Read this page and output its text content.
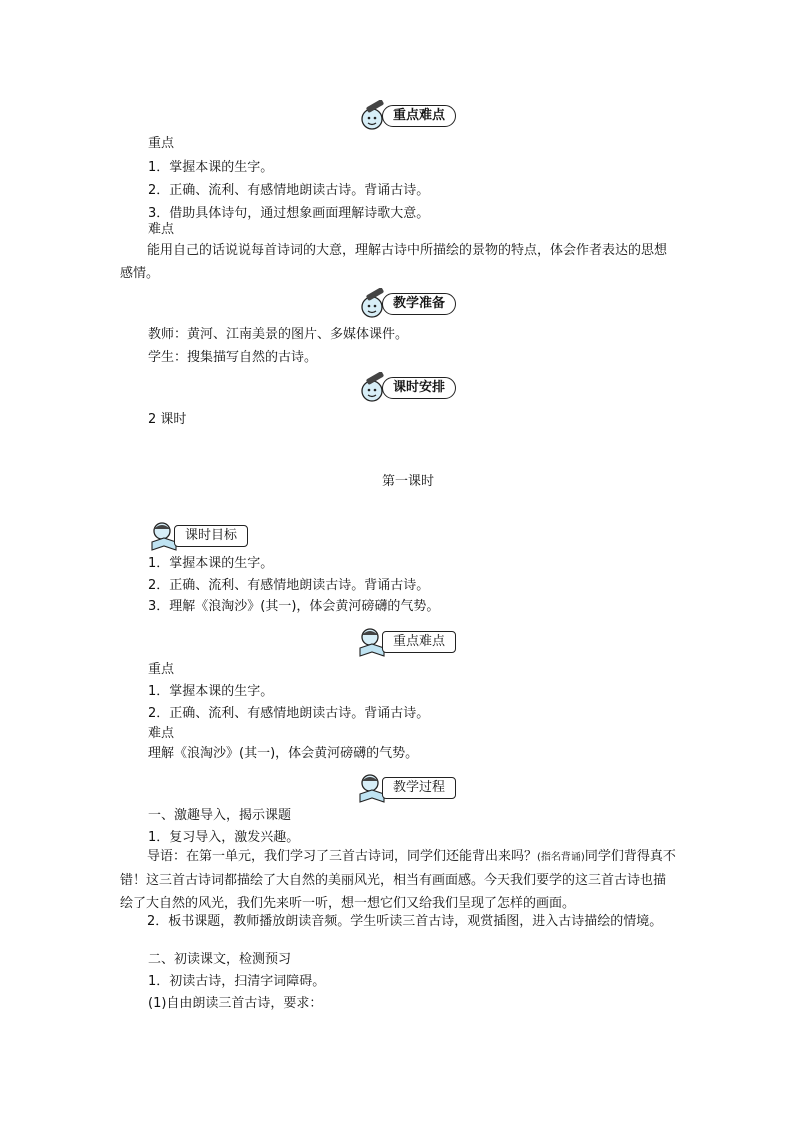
重点难点
重点
1．掌握本课的生字。
2．正确、流利、有感情地朗读古诗。背诵古诗。
3．借助具体诗句，通过想象画面理解诗歌大意。
难点
能用自己的话说说每首诗词的大意，理解古诗中所描绘的景物的特点，体会作者表达的思想感情。
教学准备
教师：黄河、江南美景的图片、多媒体课件。
学生：搜集描写自然的古诗。
课时安排
2 课时
第一课时
课时目标
1．掌握本课的生字。
2．正确、流利、有感情地朗读古诗。背诵古诗。
3．理解《浪淘沙》(其一)，体会黄河磅礴的气势。
重点难点
重点
1．掌握本课的生字。
2．正确、流利、有感情地朗读古诗。背诵古诗。
难点
理解《浪淘沙》(其一)，体会黄河磅礴的气势。
教学过程
一、激趣导入，揭示课题
1．复习导入，激发兴趣。
导语：在第一单元，我们学习了三首古诗词，同学们还能背出来吗？(指名背诵)同学们背得真不错！这三首古诗词都描绘了大自然的美丽风光，相当有画面感。今天我们要学的这三首古诗也描绘了大自然的风光，我们先来听一听，想一想它们又给我们呈现了怎样的画面。
2．板书课题，教师播放朗读音频。学生听读三首古诗，观赏插图，进入古诗描绘的情境。
二、初读课文，检测预习
1．初读古诗，扫清字词障碍。
(1)自由朗读三首古诗，要求：
